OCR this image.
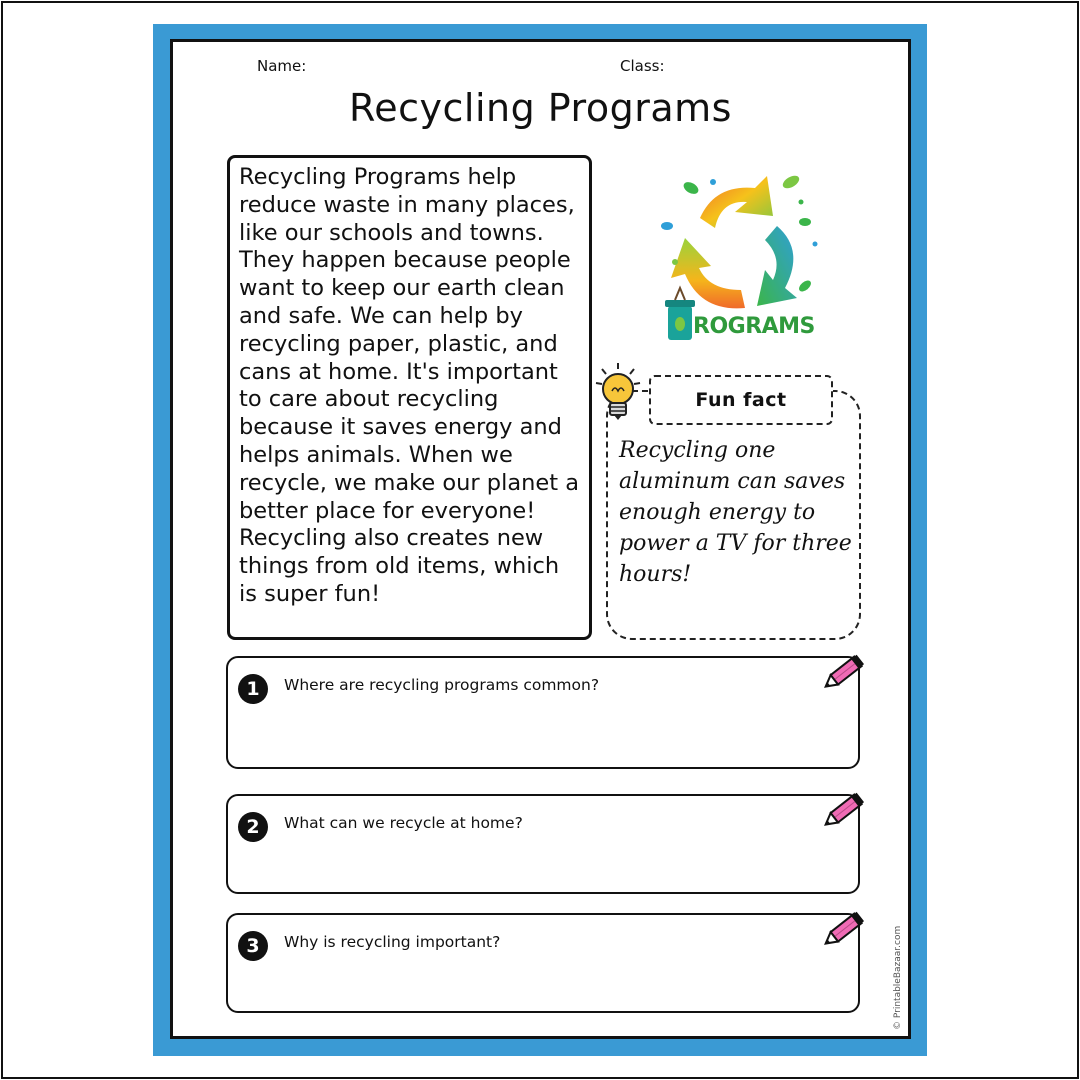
Name:	Class:
Recycling Programs

Recycling Programs help reduce waste in many places, like our schools and towns. They happen because people want to keep our earth clean and safe. We can help by recycling paper, plastic, and cans at home. It's important to care about recycling because it saves energy and helps animals. When we recycle, we make our planet a better place for everyone! Recycling also creates new things from old items, which is super fun!

ROGRAMS
Fun fact

Recycling one aluminum can saves enough energy to power a TV for three hours!

1	Where are recycling programs common?
2	What can we recycle at home?
3	Why is recycling important?	© PrintableBazaar.com
